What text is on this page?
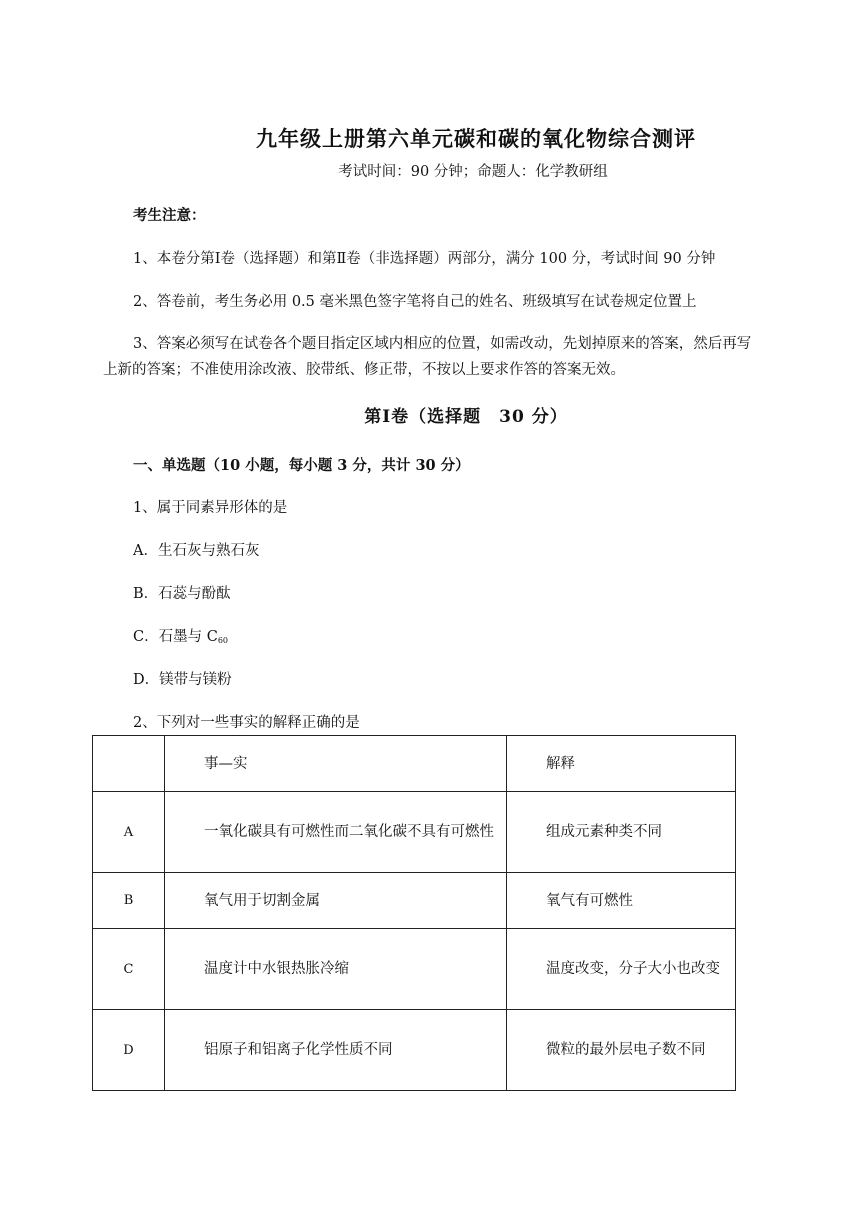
九年级上册第六单元碳和碳的氧化物综合测评
考试时间：90 分钟；命题人：化学教研组
考生注意：
1、本卷分第Ⅰ卷（选择题）和第Ⅱ卷（非选择题）两部分，满分 100 分，考试时间 90 分钟
2、答卷前，考生务必用 0.5 毫米黑色签字笔将自己的姓名、班级填写在试卷规定位置上
3、答案必须写在试卷各个题目指定区域内相应的位置，如需改动，先划掉原来的答案，然后再写
上新的答案；不准使用涂改液、胶带纸、修正带，不按以上要求作答的答案无效。
第Ⅰ卷（选择题　30 分）
一、单选题（10 小题，每小题 3 分，共计 30 分）
1、属于同素异形体的是
A．生石灰与熟石灰
B．石蕊与酚酞
C．石墨与 $C_{60}$
D．镁带与镁粉
2、下列对一些事实的解释正确的是

	事—实	解释

A	一氧化碳具有可燃性而二氧化碳不具有可燃性	组成元素种类不同

B	氧气用于切割金属	氧气有可燃性

C	温度计中水银热胀冷缩	温度改变，分子大小也改变

D	铝原子和铝离子化学性质不同	微粒的最外层电子数不同
